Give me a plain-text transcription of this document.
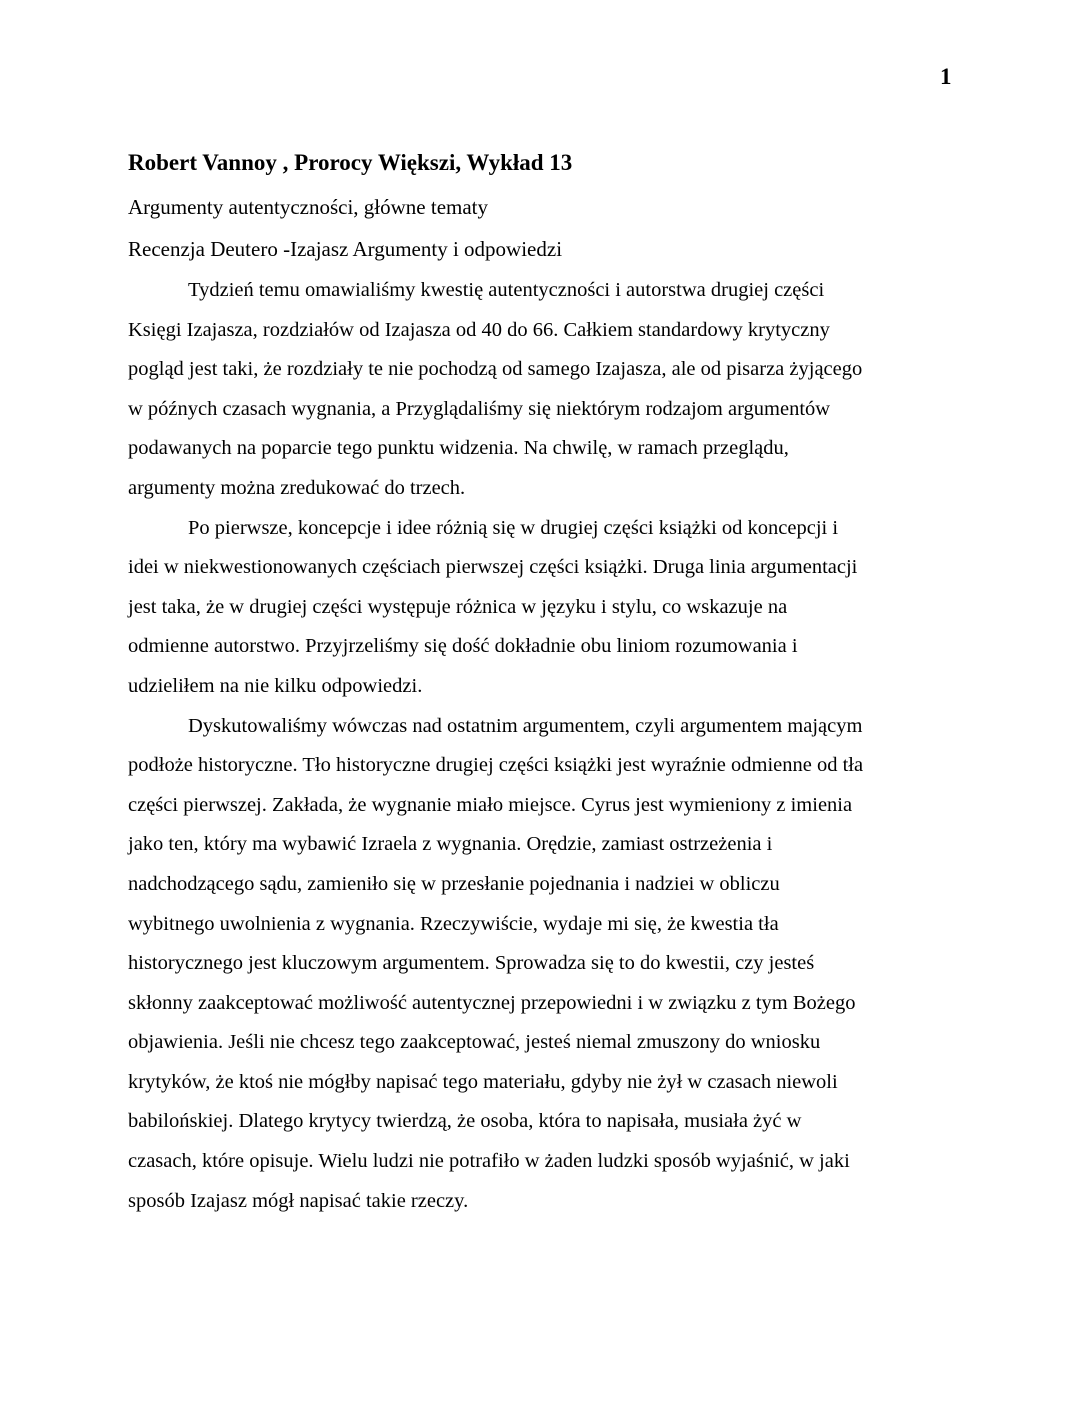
1
Robert Vannoy , Prorocy Większi, Wykład 13
Argumenty autentyczności, główne tematy
Recenzja Deutero -Izajasz Argumenty i odpowiedzi
Tydzień temu omawialiśmy kwestię autentyczności i autorstwa drugiej części
Księgi Izajasza, rozdziałów od Izajasza od 40 do 66. Całkiem standardowy krytyczny
pogląd jest taki, że rozdziały te nie pochodzą od samego Izajasza, ale od pisarza żyjącego
w późnych czasach wygnania, a Przyglądaliśmy się niektórym rodzajom argumentów
podawanych na poparcie tego punktu widzenia. Na chwilę, w ramach przeglądu,
argumenty można zredukować do trzech.
Po pierwsze, koncepcje i idee różnią się w drugiej części książki od koncepcji i
idei w niekwestionowanych częściach pierwszej części książki. Druga linia argumentacji
jest taka, że w drugiej części występuje różnica w języku i stylu, co wskazuje na
odmienne autorstwo. Przyjrzeliśmy się dość dokładnie obu liniom rozumowania i
udzieliłem na nie kilku odpowiedzi.
Dyskutowaliśmy wówczas nad ostatnim argumentem, czyli argumentem mającym
podłoże historyczne. Tło historyczne drugiej części książki jest wyraźnie odmienne od tła
części pierwszej. Zakłada, że wygnanie miało miejsce. Cyrus jest wymieniony z imienia
jako ten, który ma wybawić Izraela z wygnania. Orędzie, zamiast ostrzeżenia i
nadchodzącego sądu, zamieniło się w przesłanie pojednania i nadziei w obliczu
wybitnego uwolnienia z wygnania. Rzeczywiście, wydaje mi się, że kwestia tła
historycznego jest kluczowym argumentem. Sprowadza się to do kwestii, czy jesteś
skłonny zaakceptować możliwość autentycznej przepowiedni i w związku z tym Bożego
objawienia. Jeśli nie chcesz tego zaakceptować, jesteś niemal zmuszony do wniosku
krytyków, że ktoś nie mógłby napisać tego materiału, gdyby nie żył w czasach niewoli
babilońskiej. Dlatego krytycy twierdzą, że osoba, która to napisała, musiała żyć w
czasach, które opisuje. Wielu ludzi nie potrafiło w żaden ludzki sposób wyjaśnić, w jaki
sposób Izajasz mógł napisać takie rzeczy.
